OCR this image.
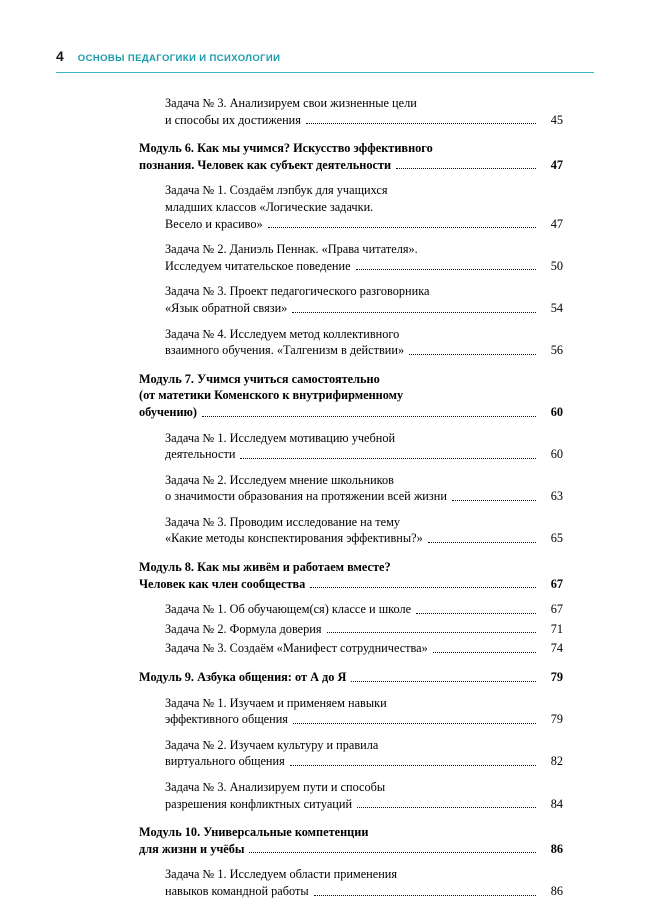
4 ОСНОВЫ ПЕДАГОГИКИ И ПСИХОЛОГИИ
Задача № 3. Анализируем свои жизненные цели
и способы их достижения	45
Модуль 6. Как мы учимся? Искусство эффективного
познания. Человек как субъект деятельности	47
Задача № 1. Создаём лэпбук для учащихся
младших классов «Логические задачки.
Весело и красиво»	47
Задача № 2. Даниэль Пеннак. «Права читателя».
Исследуем читательское поведение	50
Задача № 3. Проект педагогического разговорника
«Язык обратной связи»	54
Задача № 4. Исследуем метод коллективного
взаимного обучения. «Талгенизм в действии»	56
Модуль 7. Учимся учиться самостоятельно
(от матетики Коменского к внутрифирменному
обучению)	60
Задача № 1. Исследуем мотивацию учебной
деятельности	60
Задача № 2. Исследуем мнение школьников
о значимости образования на протяжении всей жизни	63
Задача № 3. Проводим исследование на тему
«Какие методы конспектирования эффективны?»	65
Модуль 8. Как мы живём и работаем вместе?
Человек как член сообщества	67
Задача № 1. Об обучающем(ся) классе и школе	67
Задача № 2. Формула доверия	71
Задача № 3. Создаём «Манифест сотрудничества»	74
Модуль 9. Азбука общения: от А до Я	79
Задача № 1. Изучаем и применяем навыки
эффективного общения	79
Задача № 2. Изучаем культуру и правила
виртуального общения	82
Задача № 3. Анализируем пути и способы
разрешения конфликтных ситуаций	84
Модуль 10. Универсальные компетенции
для жизни и учёбы	86
Задача № 1. Исследуем области применения
навыков командной работы	86
